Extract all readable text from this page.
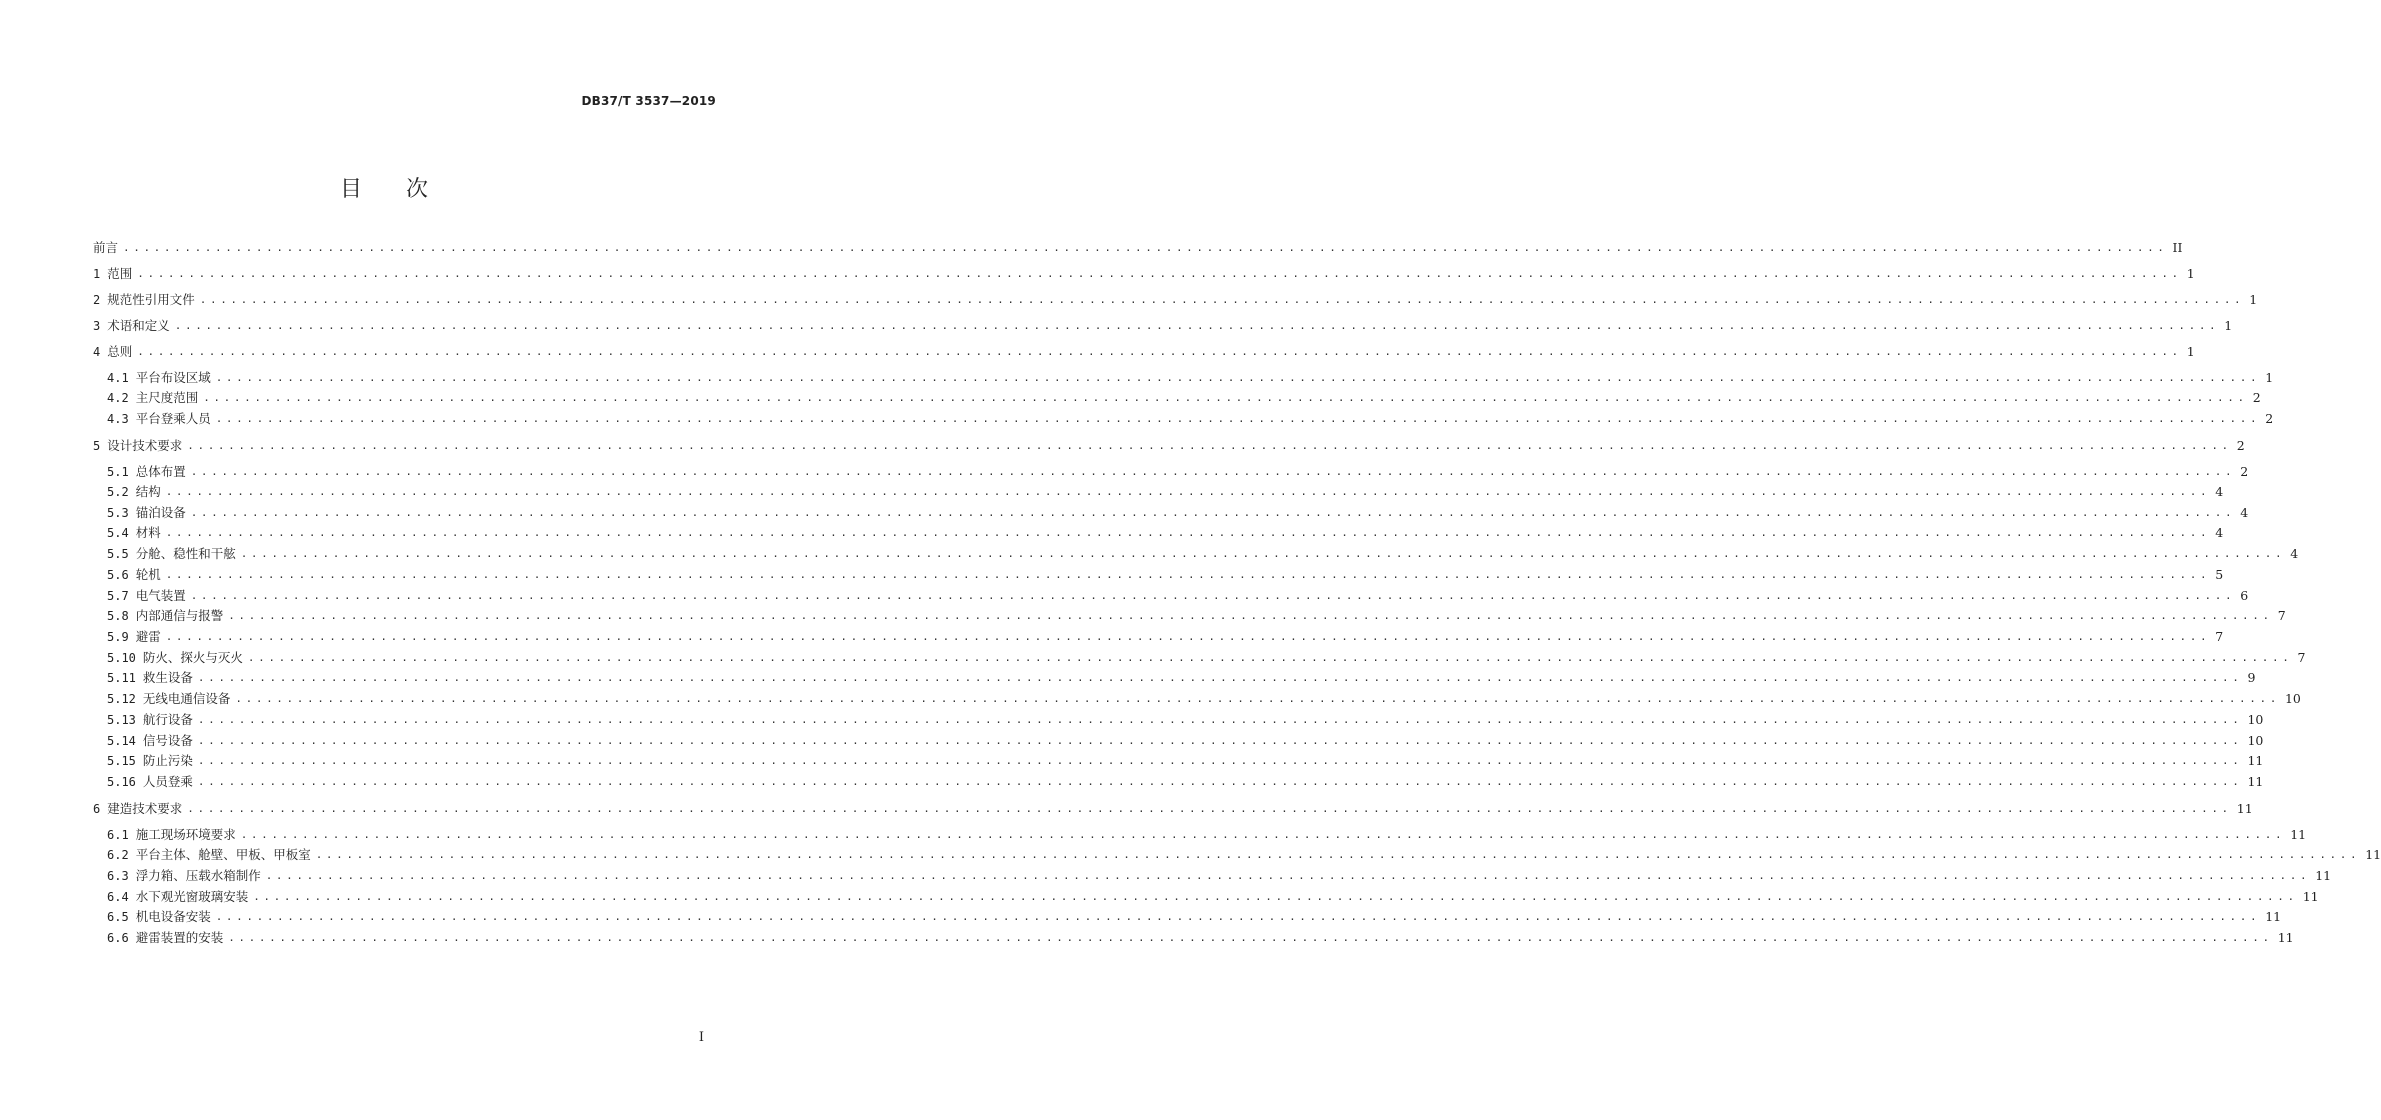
DB37/T 3537—2019
目次
前言 ........................................................................................................................................................................................................ II
1 范围 ........................................................................................................................................................................................................ 1
2 规范性引用文件 ........................................................................................................................................................................................................ 1
3 术语和定义 ........................................................................................................................................................................................................ 1
4 总则 ........................................................................................................................................................................................................ 1
4.1 平台布设区域 ........................................................................................................................................................................................................ 1
4.2 主尺度范围 ........................................................................................................................................................................................................ 2
4.3 平台登乘人员 ........................................................................................................................................................................................................ 2
5 设计技术要求 ........................................................................................................................................................................................................ 2
5.1 总体布置 ........................................................................................................................................................................................................ 2
5.2 结构 ........................................................................................................................................................................................................ 4
5.3 锚泊设备 ........................................................................................................................................................................................................ 4
5.4 材料 ........................................................................................................................................................................................................ 4
5.5 分舱、稳性和干舷 ........................................................................................................................................................................................................ 4
5.6 轮机 ........................................................................................................................................................................................................ 5
5.7 电气装置 ........................................................................................................................................................................................................ 6
5.8 内部通信与报警 ........................................................................................................................................................................................................ 7
5.9 避雷 ........................................................................................................................................................................................................ 7
5.10 防火、探火与灭火 ........................................................................................................................................................................................................ 7
5.11 救生设备 ........................................................................................................................................................................................................ 9
5.12 无线电通信设备 ........................................................................................................................................................................................................ 10
5.13 航行设备 ........................................................................................................................................................................................................ 10
5.14 信号设备 ........................................................................................................................................................................................................ 10
5.15 防止污染 ........................................................................................................................................................................................................ 11
5.16 人员登乘 ........................................................................................................................................................................................................ 11
6 建造技术要求 ........................................................................................................................................................................................................ 11
6.1 施工现场环境要求 ........................................................................................................................................................................................................ 11
6.2 平台主体、舱壁、甲板、甲板室 ........................................................................................................................................................................................................ 11
6.3 浮力箱、压载水箱制作 ........................................................................................................................................................................................................ 11
6.4 水下观光窗玻璃安装 ........................................................................................................................................................................................................ 11
6.5 机电设备安装 ........................................................................................................................................................................................................ 11
6.6 避雷装置的安装 ........................................................................................................................................................................................................ 11
I
